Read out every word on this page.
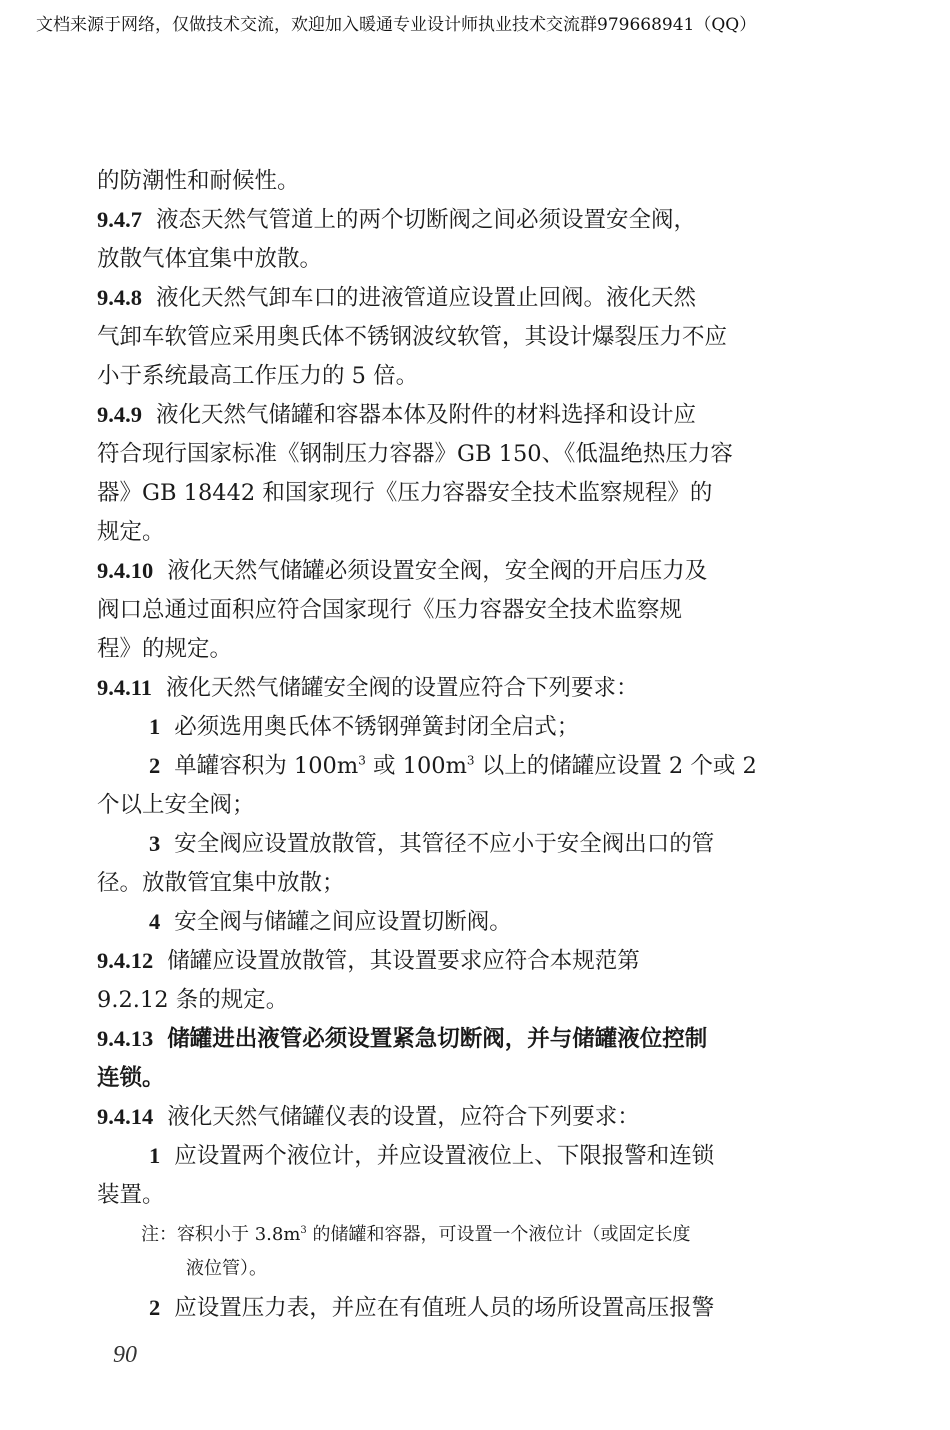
文档来源于网络，仅做技术交流，欢迎加入暖通专业设计师执业技术交流群979668941（QQ）
的防潮性和耐候性。
9.4.7 液态天然气管道上的两个切断阀之间必须设置安全阀，
放散气体宜集中放散。
9.4.8 液化天然气卸车口的进液管道应设置止回阀。液化天然
气卸车软管应采用奥氏体不锈钢波纹软管，其设计爆裂压力不应
小于系统最高工作压力的 5 倍。
9.4.9 液化天然气储罐和容器本体及附件的材料选择和设计应
符合现行国家标准《钢制压力容器》GB 150、《低温绝热压力容
器》GB 18442 和国家现行《压力容器安全技术监察规程》的
规定。
9.4.10 液化天然气储罐必须设置安全阀，安全阀的开启压力及
阀口总通过面积应符合国家现行《压力容器安全技术监察规
程》的规定。
9.4.11 液化天然气储罐安全阀的设置应符合下列要求：
1 必须选用奥氏体不锈钢弹簧封闭全启式；
2 单罐容积为 $100m^3$ 或 $100m^3$ 以上的储罐应设置 2 个或 2
个以上安全阀；
3 安全阀应设置放散管，其管径不应小于安全阀出口的管
径。放散管宜集中放散；
4 安全阀与储罐之间应设置切断阀。
9.4.12 储罐应设置放散管，其设置要求应符合本规范第
9.2.12 条的规定。
9.4.13 储罐进出液管必须设置紧急切断阀，并与储罐液位控制
连锁。
9.4.14 液化天然气储罐仪表的设置，应符合下列要求：
1 应设置两个液位计，并应设置液位上、下限报警和连锁
装置。
注：容积小于 $3.8m^3$ 的储罐和容器，可设置一个液位计（或固定长度
液位管）。
2 应设置压力表，并应在有值班人员的场所设置高压报警
90
